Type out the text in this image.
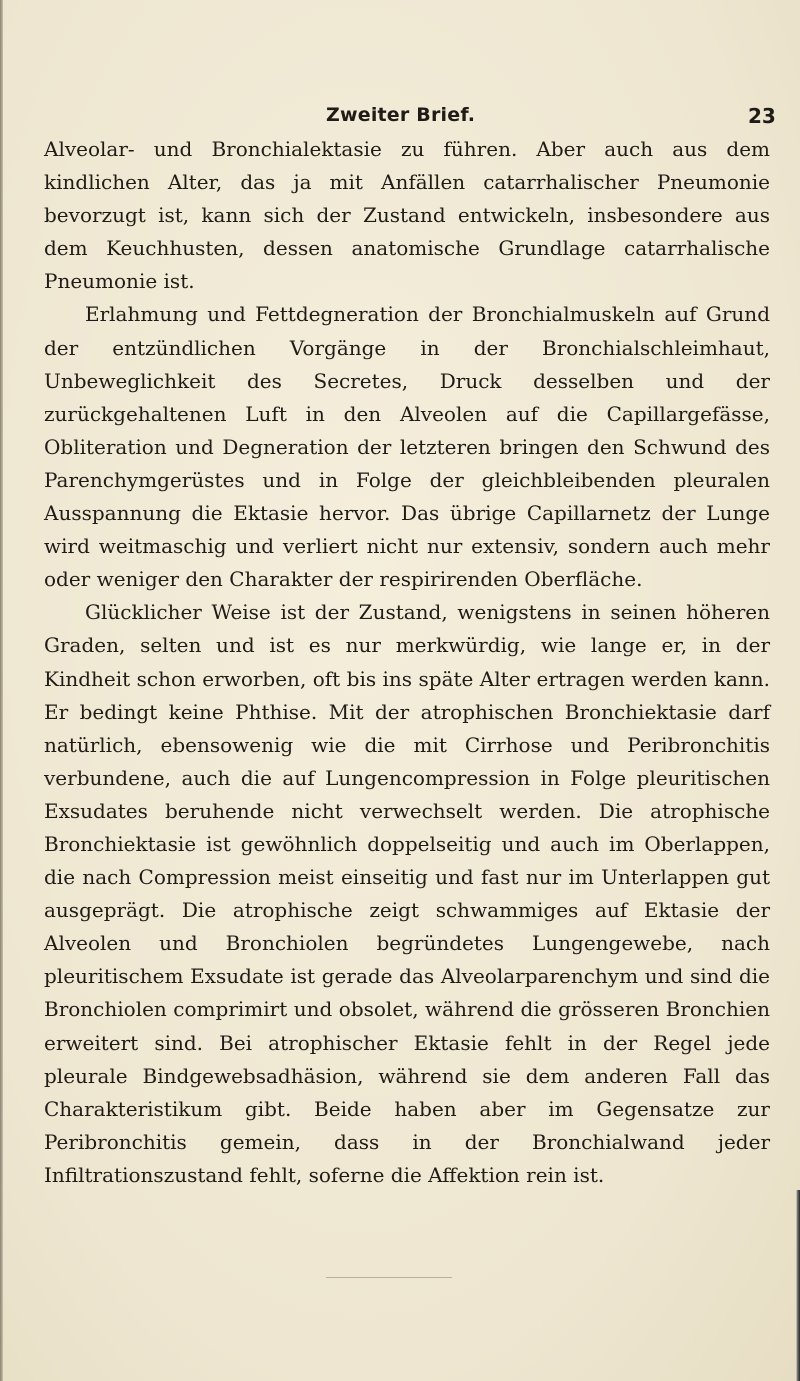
Zweiter Brief.	23

Alveolar- und Bronchialektasie zu führen. Aber auch aus dem kindlichen Alter, das ja mit Anfällen catarrhalischer Pneumonie bevorzugt ist, kann sich der Zustand entwickeln, insbesondere aus dem Keuchhusten, dessen anatomische Grundlage catarrhalische Pneumonie ist.

Erlahmung und Fettdegneration der Bronchialmuskeln auf Grund der entzündlichen Vorgänge in der Bronchialschleimhaut, Unbeweglichkeit des Secretes, Druck desselben und der zurückgehaltenen Luft in den Alveolen auf die Capillargefässe, Obliteration und Degneration der letzteren bringen den Schwund des Parenchymgerüstes und in Folge der gleichbleibenden pleuralen Ausspannung die Ektasie hervor. Das übrige Capillarnetz der Lunge wird weitmaschig und verliert nicht nur extensiv, sondern auch mehr oder weniger den Charakter der respirirenden Oberfläche.

Glücklicher Weise ist der Zustand, wenigstens in seinen höheren Graden, selten und ist es nur merkwürdig, wie lange er, in der Kindheit schon erworben, oft bis ins späte Alter ertragen werden kann. Er bedingt keine Phthise. Mit der atrophischen Bronchiektasie darf natürlich, ebensowenig wie die mit Cirrhose und Peribronchitis verbundene, auch die auf Lungencompression in Folge pleuritischen Exsudates beruhende nicht verwechselt werden. Die atrophische Bronchiektasie ist gewöhnlich doppelseitig und auch im Oberlappen, die nach Compression meist einseitig und fast nur im Unterlappen gut ausgeprägt. Die atrophische zeigt schwammiges auf Ektasie der Alveolen und Bronchiolen begründetes Lungengewebe, nach pleuritischem Exsudate ist gerade das Alveolarparenchym und sind die Bronchiolen comprimirt und obsolet, während die grösseren Bronchien erweitert sind. Bei atrophischer Ektasie fehlt in der Regel jede pleurale Bindgewebsadhäsion, während sie dem anderen Fall das Charakteristikum gibt. Beide haben aber im Gegensatze zur Peribronchitis gemein, dass in der Bronchialwand jeder Infiltrationszustand fehlt, soferne die Affektion rein ist.
